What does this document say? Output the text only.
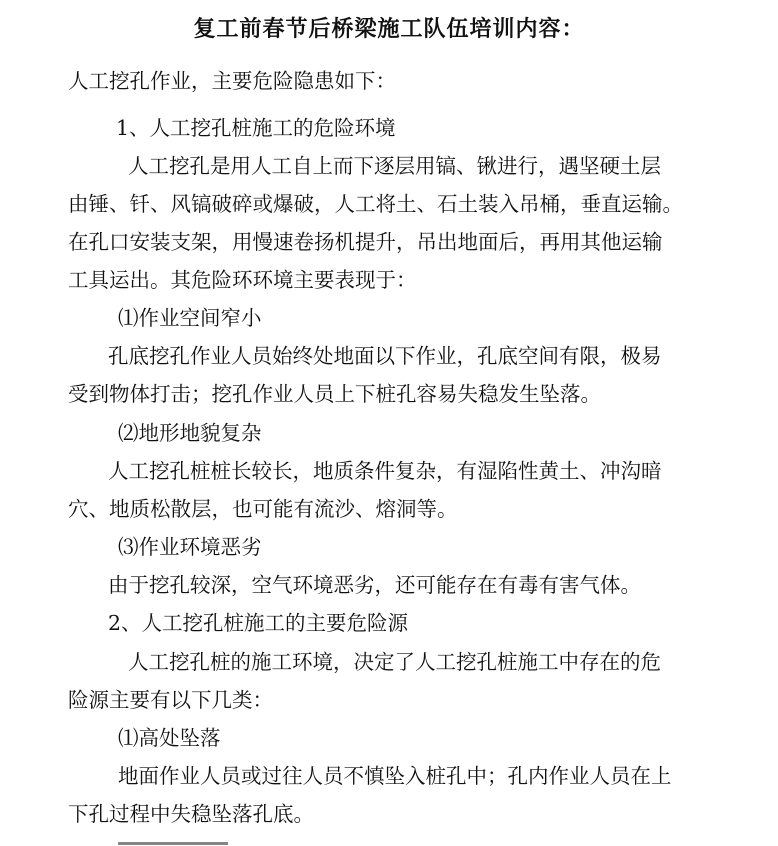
复工前春节后桥梁施工队伍培训内容：
人工挖孔作业，主要危险隐患如下：
1、人工挖孔桩施工的危险环境
人工挖孔是用人工自上而下逐层用镐、锹进行，遇坚硬土层
由锤、钎、风镐破碎或爆破，人工将土、石土装入吊桶，垂直运输。
在孔口安装支架，用慢速卷扬机提升，吊出地面后，再用其他运输
工具运出。其危险环环境主要表现于：
⑴作业空间窄小
孔底挖孔作业人员始终处地面以下作业，孔底空间有限，极易
受到物体打击；挖孔作业人员上下桩孔容易失稳发生坠落。
⑵地形地貌复杂
人工挖孔桩桩长较长，地质条件复杂，有湿陷性黄土、冲沟暗
穴、地质松散层，也可能有流沙、熔洞等。
⑶作业环境恶劣
由于挖孔较深，空气环境恶劣，还可能存在有毒有害气体。
2、人工挖孔桩施工的主要危险源
人工挖孔桩的施工环境，决定了人工挖孔桩施工中存在的危
险源主要有以下几类：
⑴高处坠落
地面作业人员或过往人员不慎坠入桩孔中；孔内作业人员在上
下孔过程中失稳坠落孔底。
